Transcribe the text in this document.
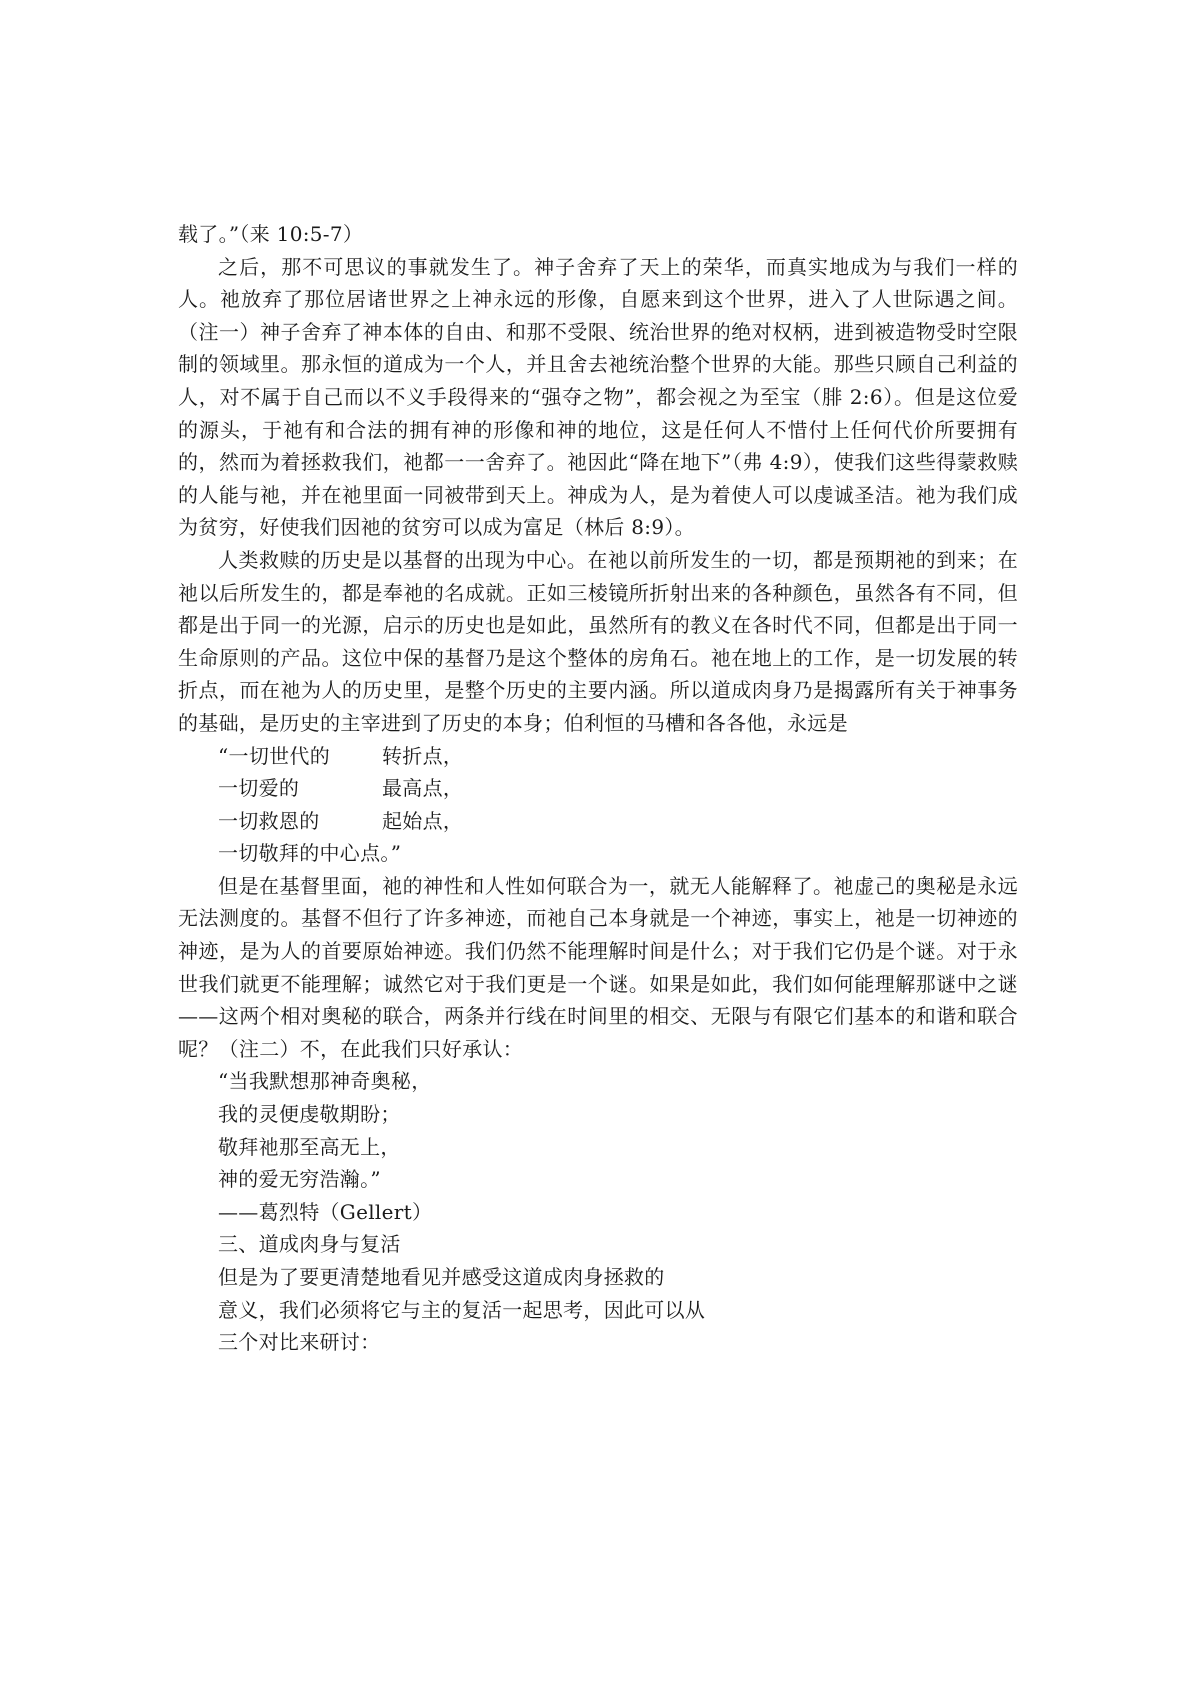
载了。”（来 10:5-7）

之后，那不可思议的事就发生了。神子舍弃了天上的荣华，而真实地成为与我们一样的人。祂放弃了那位居诸世界之上神永远的形像，自愿来到这个世界，进入了人世际遇之间。（注一）神子舍弃了神本体的自由、和那不受限、统治世界的绝对权柄，进到被造物受时空限制的领域里。那永恒的道成为一个人，并且舍去祂统治整个世界的大能。那些只顾自己利益的人，对不属于自己而以不义手段得来的“强夺之物”，都会视之为至宝（腓 2:6）。但是这位爱的源头，于祂有和合法的拥有神的形像和神的地位，这是任何人不惜付上任何代价所要拥有的，然而为着拯救我们，祂都一一舍弃了。祂因此“降在地下”（弗 4:9），使我们这些得蒙救赎的人能与祂，并在祂里面一同被带到天上。神成为人，是为着使人可以虔诚圣洁。祂为我们成为贫穷，好使我们因祂的贫穷可以成为富足（林后 8:9）。

人类救赎的历史是以基督的出现为中心。在祂以前所发生的一切，都是预期祂的到来；在祂以后所发生的，都是奉祂的名成就。正如三棱镜所折射出来的各种颜色，虽然各有不同，但都是出于同一的光源，启示的历史也是如此，虽然所有的教义在各时代不同，但都是出于同一生命原则的产品。这位中保的基督乃是这个整体的房角石。祂在地上的工作，是一切发展的转折点，而在祂为人的历史里，是整个历史的主要内涵。所以道成肉身乃是揭露所有关于神事务的基础，是历史的主宰进到了历史的本身；伯利恒的马槽和各各他，永远是

“一切世代的	转折点，
一切爱的	最高点，
一切救恩的	起始点，
一切敬拜的中心点。”

但是在基督里面，祂的神性和人性如何联合为一，就无人能解释了。祂虚己的奥秘是永远无法测度的。基督不但行了许多神迹，而祂自己本身就是一个神迹，事实上，祂是一切神迹的神迹，是为人的首要原始神迹。我们仍然不能理解时间是什么；对于我们它仍是个谜。对于永世我们就更不能理解；诚然它对于我们更是一个谜。如果是如此，我们如何能理解那谜中之谜——这两个相对奥秘的联合，两条并行线在时间里的相交、无限与有限它们基本的和谐和联合呢？（注二）不，在此我们只好承认：

“当我默想那神奇奥秘，
我的灵便虔敬期盼；
敬拜祂那至高无上，
神的爱无穷浩瀚。”
——葛烈特（Gellert）
三、道成肉身与复活
但是为了要更清楚地看见并感受这道成肉身拯救的
意义，我们必须将它与主的复活一起思考，因此可以从
三个对比来研讨：
